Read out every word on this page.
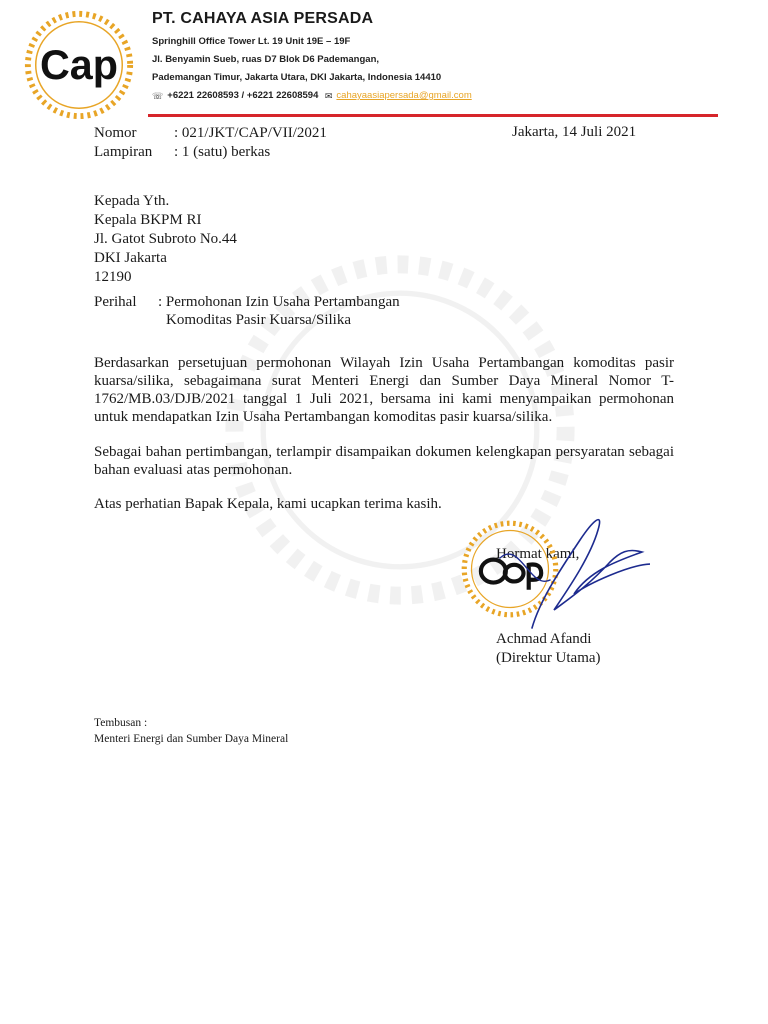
Cap
PT. CAHAYA ASIA PERSADA
Springhill Office Tower Lt. 19 Unit 19E – 19F
Jl. Benyamin Sueb, ruas D7 Blok D6 Pademangan,
Pademangan Timur, Jakarta Utara, DKI Jakarta, Indonesia 14410
☏ +6221 22608593 / +6221 22608594 ✉ cahayaasiapersada@gmail.com
Nomor	: 021/JKT/CAP/VII/2021
Lampiran	: 1 (satu) berkas
Jakarta, 14 Juli 2021
Kepada Yth.
Kepala BKPM RI
Jl. Gatot Subroto No.44
DKI Jakarta
12190
Perihal	: Permohonan Izin Usaha Pertambangan
Komoditas Pasir Kuarsa/Silika
Berdasarkan persetujuan permohonan Wilayah Izin Usaha Pertambangan komoditas pasir kuarsa/silika, sebagaimana surat Menteri Energi dan Sumber Daya Mineral Nomor T-1762/MB.03/DJB/2021 tanggal 1 Juli 2021, bersama ini kami menyampaikan permohonan untuk mendapatkan Izin Usaha Pertambangan komoditas pasir kuarsa/silika.
Sebagai bahan pertimbangan, terlampir disampaikan dokumen kelengkapan persyaratan sebagai bahan evaluasi atas permohonan.
Atas perhatian Bapak Kepala, kami ucapkan terima kasih.
Hormat kami,
Achmad Afandi
(Direktur Utama)
Tembusan :
Menteri Energi dan Sumber Daya Mineral
